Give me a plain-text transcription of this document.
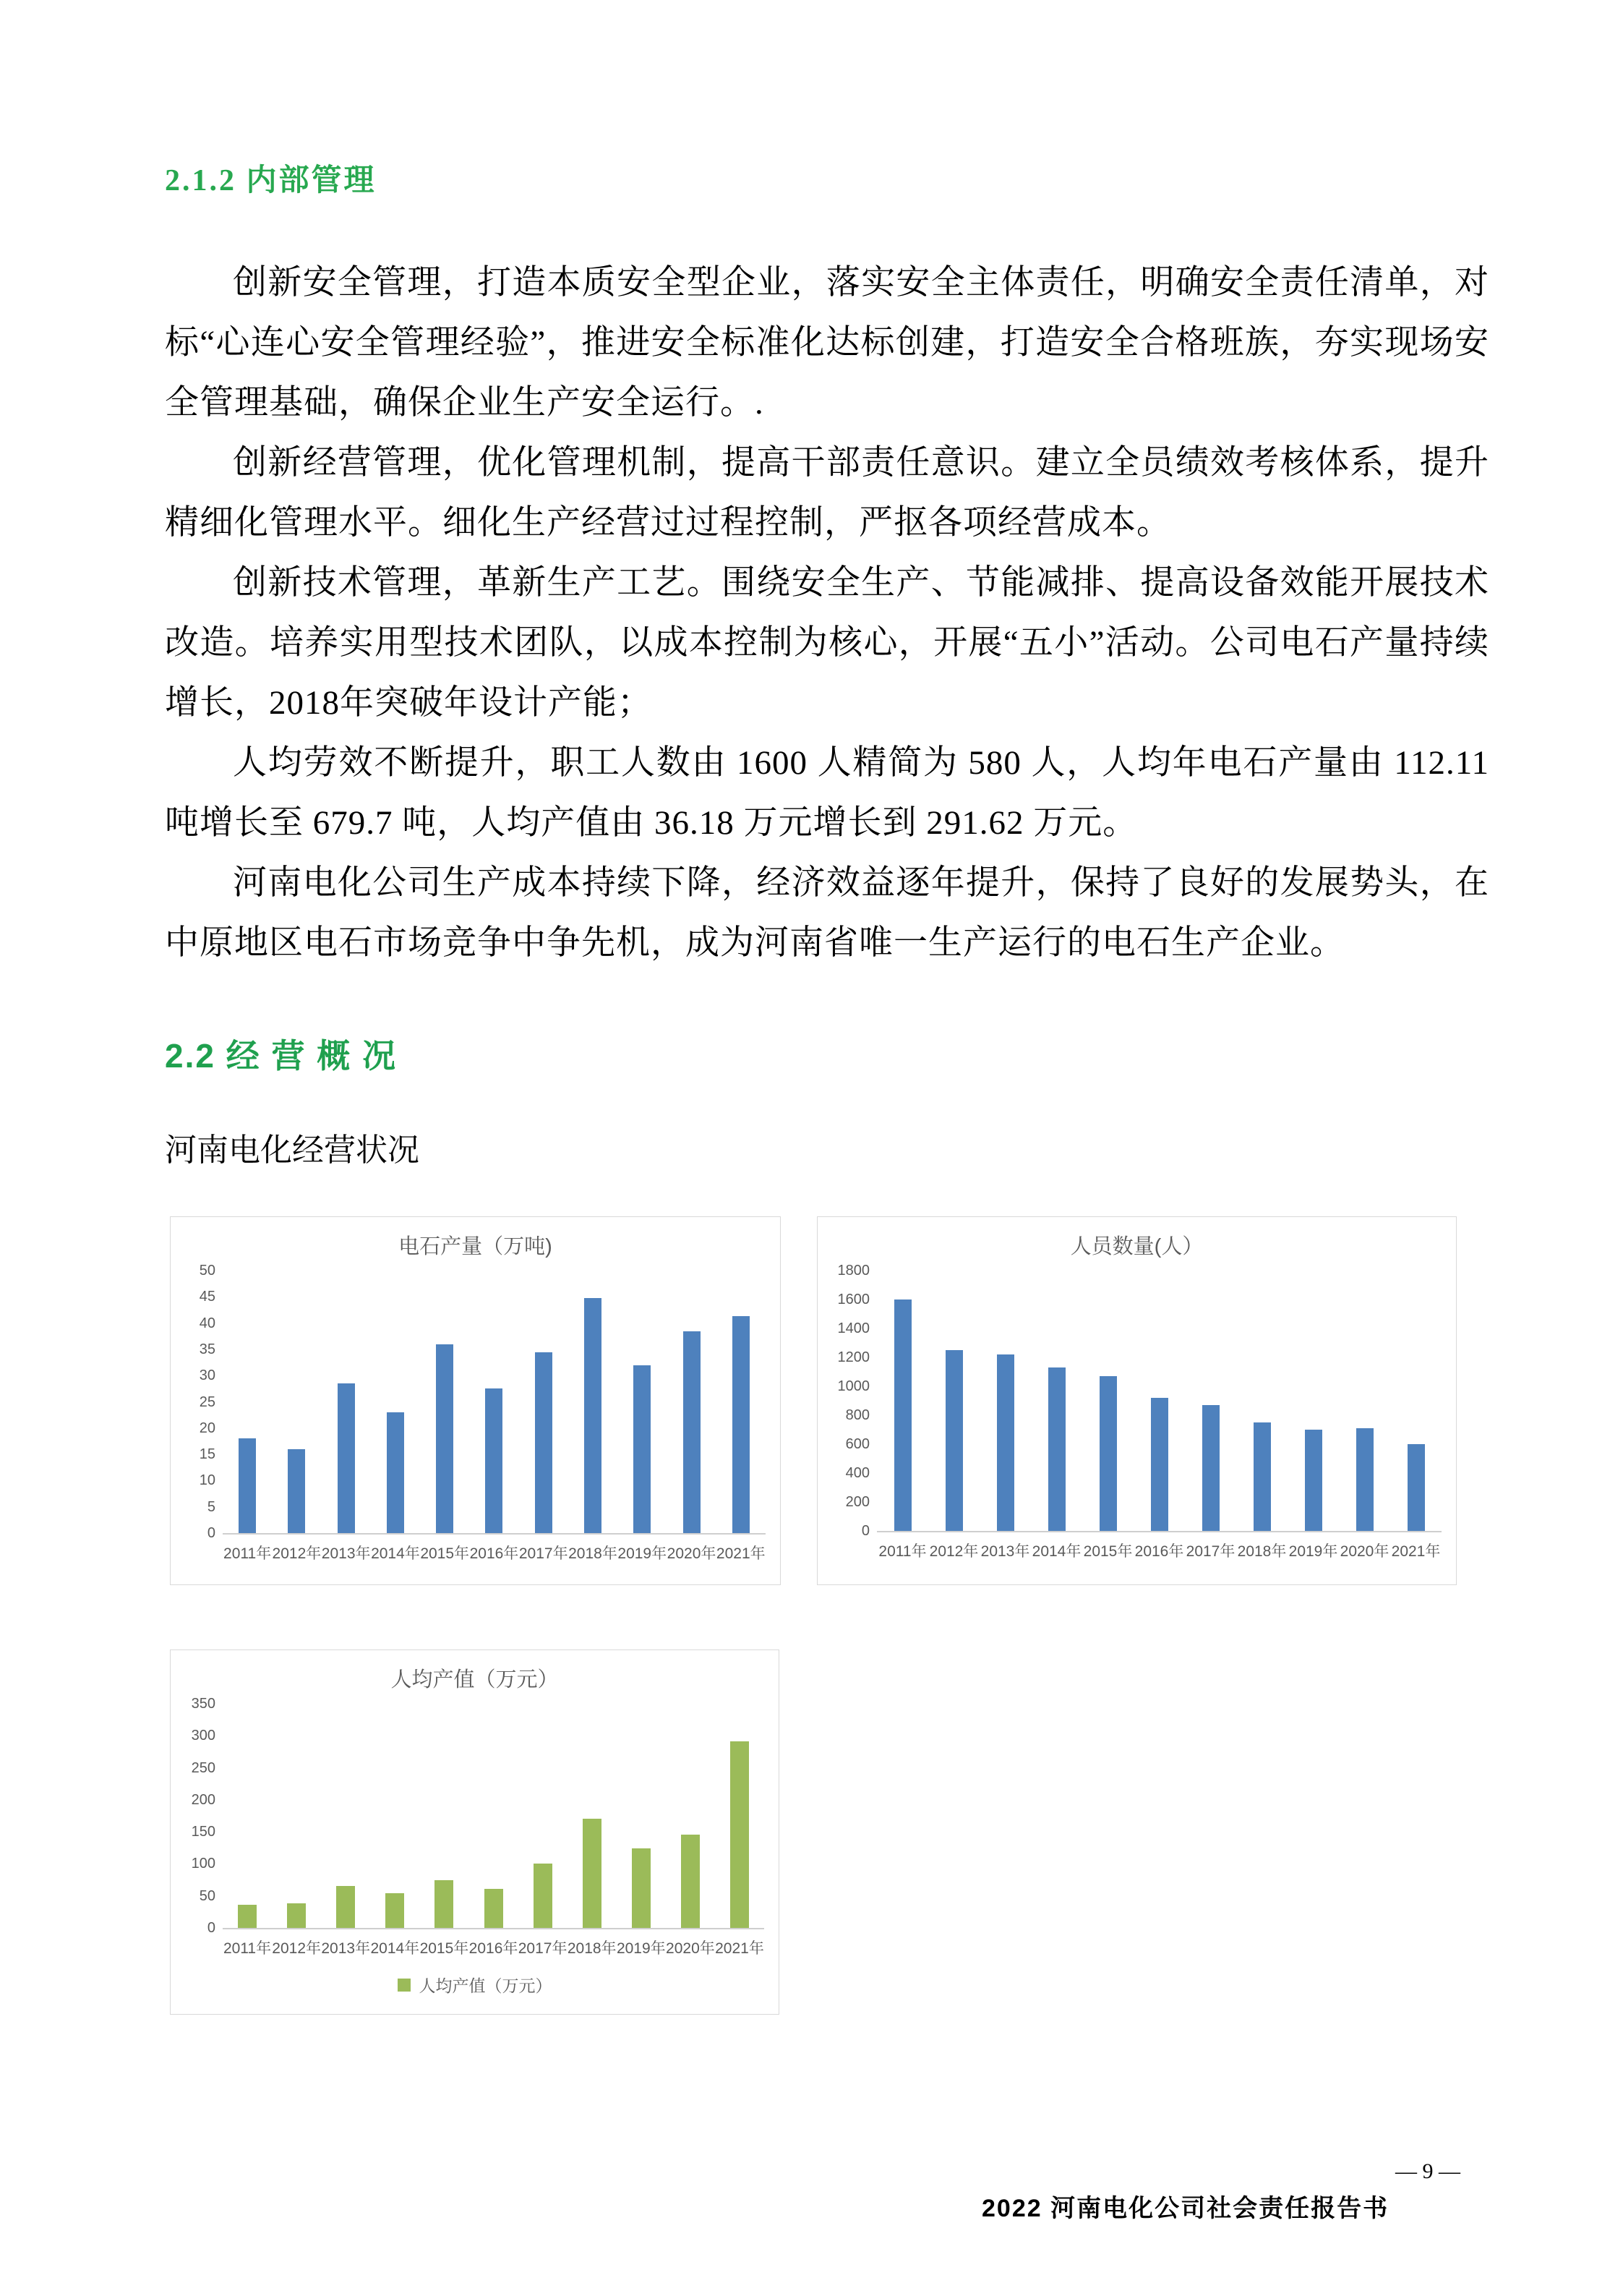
2.1.2 内部管理

创新安全管理，打造本质安全型企业，落实安全主体责任，明确安全责任清单，对标“心连心安全管理经验”，推进安全标准化达标创建，打造安全合格班族，夯实现场安全管理基础，确保企业生产安全运行。.

创新经营管理，优化管理机制，提高干部责任意识。建立全员绩效考核体系，提升精细化管理水平。细化生产经营过过程控制，严抠各项经营成本。

创新技术管理，革新生产工艺。围绕安全生产、节能减排、提高设备效能开展技术改造。培养实用型技术团队，以成本控制为核心，开展“五小”活动。公司电石产量持续增长，2018年突破年设计产能；

人均劳效不断提升，职工人数由 1600 人精简为 580 人，人均年电石产量由 112.11 吨增长至 679.7 吨，人均产值由 36.18 万元增长到 291.62 万元。

河南电化公司生产成本持续下降，经济效益逐年提升，保持了良好的发展势头，在中原地区电石市场竞争中争先机，成为河南省唯一生产运行的电石生产企业。

2.2 经 营 概 况
河南电化经营状况
电石产量（万吨)
0
5
10
15
20
25
30
35
40
45
50
2011年 2012年 2013年 2014年 2015年 2016年 2017年 2018年 2019年 2020年 2021年
人员数量(人）
0
200
400
600
800
1000
1200
1400
1600
1800
2011年 2012年 2013年 2014年 2015年 2016年 2017年 2018年 2019年 2020年 2021年
人均产值（万元）
0
50
100
150
200
250
300
350
2011年 2012年 2013年 2014年 2015年 2016年 2017年 2018年 2019年 2020年 2021年
人均产值（万元）
— 9 —
2022 河南电化公司社会责任报告书
